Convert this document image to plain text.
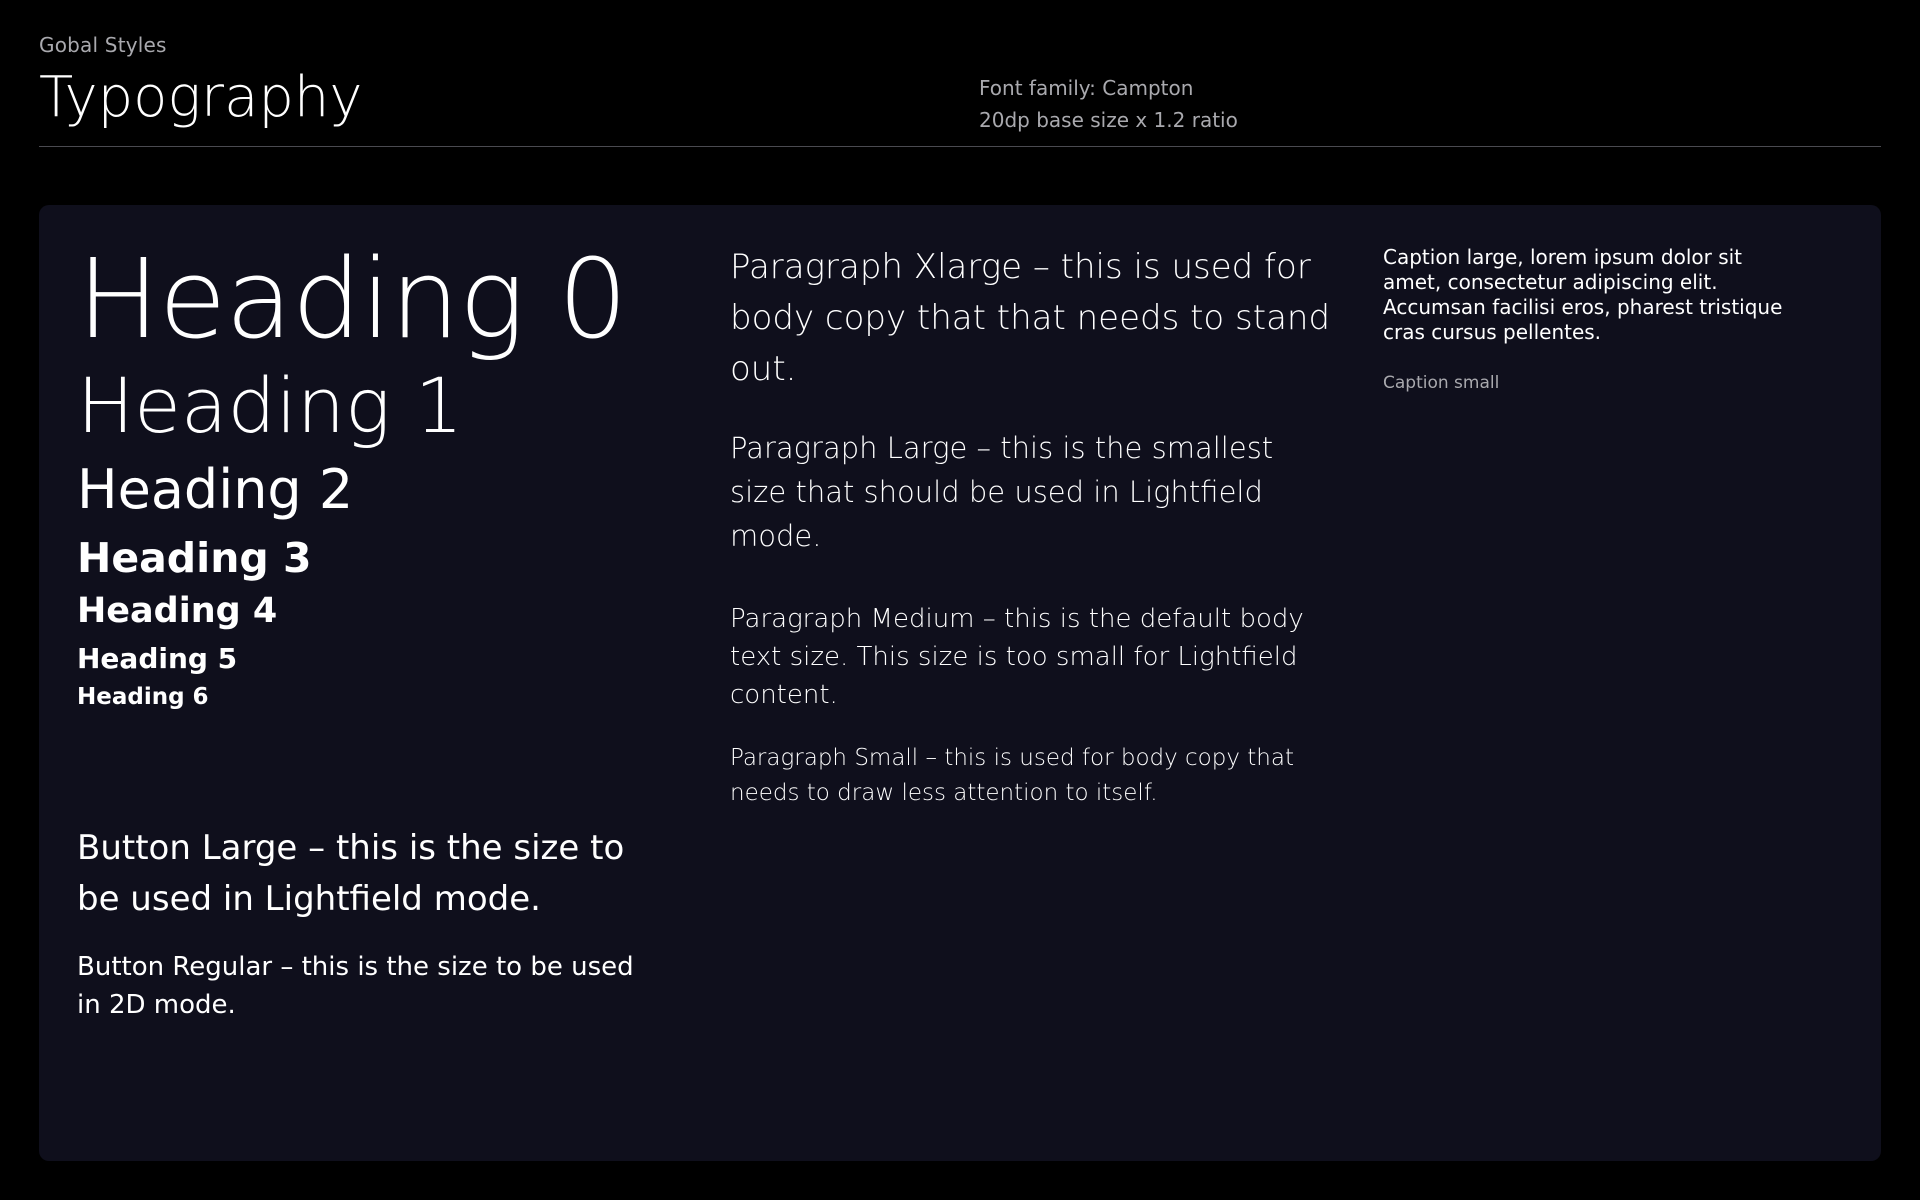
Gobal Styles
Typography	Font family: Campton
20dp base size x 1.2 ratio
Heading 0
Heading 1
Heading 2
Heading 3
Heading 4
Heading 5
Heading 6
Button Large – this is the size to be used in Lightfield mode.
Button Regular – this is the size to be used in 2D mode.
Paragraph Xlarge – this is used for body copy that that needs to stand out.
Paragraph Large – this is the smallest size that should be used in Lightfield mode.
Paragraph Medium – this is the default body text size. This size is too small for Lightfield content.
Paragraph Small – this is used for body copy that needs to draw less attention to itself.
Caption large, lorem ipsum dolor sit amet, consectetur adipiscing elit. Accumsan facilisi eros, pharest tristique cras cursus pellentes.
Caption small
